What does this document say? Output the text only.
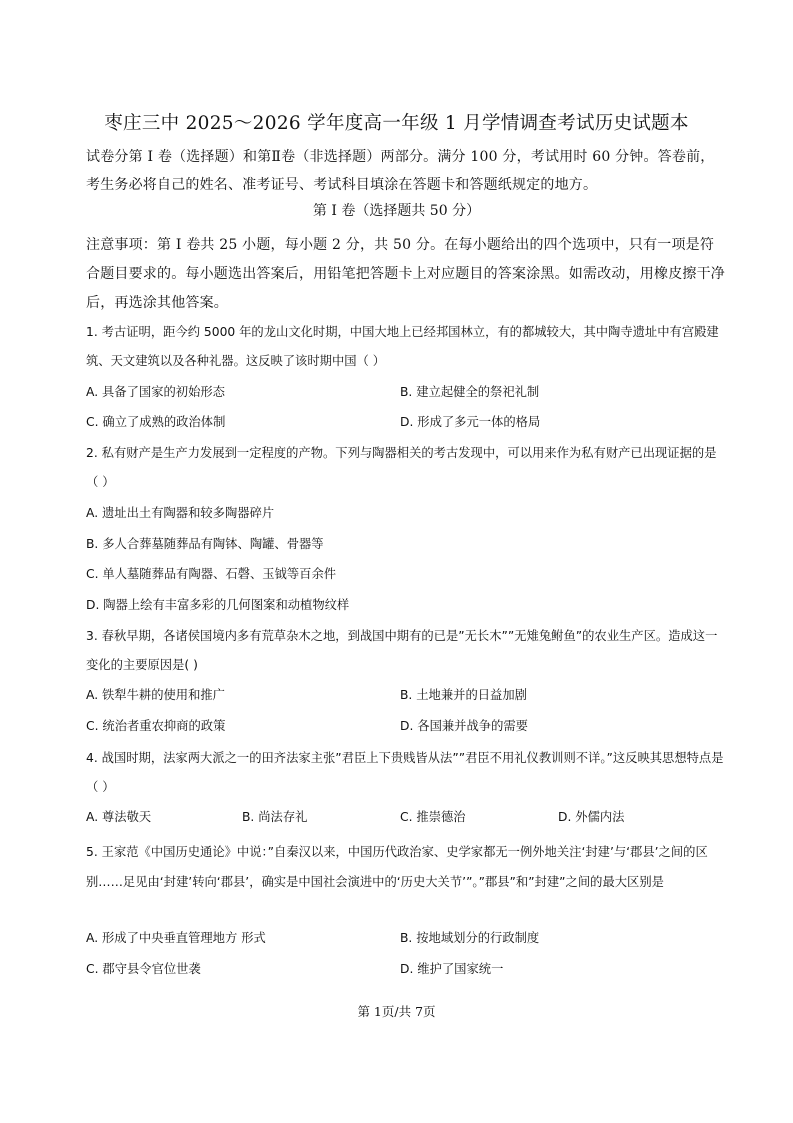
枣庄三中 2025～2026 学年度高一年级 1 月学情调查考试历史试题本
试卷分第 I 卷（选择题）和第Ⅱ卷（非选择题）两部分。满分 100 分，考试用时 60 分钟。答卷前，考生务必将自己的姓名、准考证号、考试科目填涂在答题卡和答题纸规定的地方。
第 I 卷（选择题共 50 分）
注意事项：第 I 卷共 25 小题，每小题 2 分，共 50 分。在每小题给出的四个选项中，只有一项是符合题目要求的。每小题选出答案后，用铅笔把答题卡上对应题目的答案涂黑。如需改动，用橡皮擦干净后，再选涂其他答案。
1. 考古证明，距今约 5000 年的龙山文化时期，中国大地上已经邦国林立，有的都城较大，其中陶寺遗址中有宫殿建筑、天文建筑以及各种礼器。这反映了该时期中国（ ）
A. 具备了国家的初始形态	B. 建立起健全的祭祀礼制
C. 确立了成熟的政治体制	D. 形成了多元一体的格局
2. 私有财产是生产力发展到一定程度的产物。下列与陶器相关的考古发现中，可以用来作为私有财产已出现证据的是（ ）
A. 遗址出土有陶器和较多陶器碎片
B. 多人合葬墓随葬品有陶钵、陶罐、骨器等
C. 单人墓随葬品有陶器、石磬、玉钺等百余件
D. 陶器上绘有丰富多彩的几何图案和动植物纹样
3. 春秋早期，各诸侯国境内多有荒草杂木之地，到战国中期有的已是”无长木””无雉兔鲋鱼”的农业生产区。造成这一变化的主要原因是( )
A. 铁犁牛耕的使用和推广	B. 土地兼并的日益加剧
C. 统治者重农抑商的政策	D. 各国兼并战争的需要
4. 战国时期，法家两大派之一的田齐法家主张”君臣上下贵贱皆从法””君臣不用礼仪教训则不详。”这反映其思想特点是（ ）
A. 尊法敬天	B. 尚法存礼	C. 推崇德治	D. 外儒内法
5. 王家范《中国历史通论》中说：”自秦汉以来，中国历代政治家、史学家都无一例外地关注‘封建’与‘郡县’之间的区别……足见由‘封建’转向‘郡县’，确实是中国社会演进中的‘历史大关节’”。”郡县”和”封建”之间的最大区别是
A. 形成了中央垂直管理地方 形式	B. 按地域划分的行政制度
C. 郡守县令官位世袭	D. 维护了国家统一
第 1页/共 7页
